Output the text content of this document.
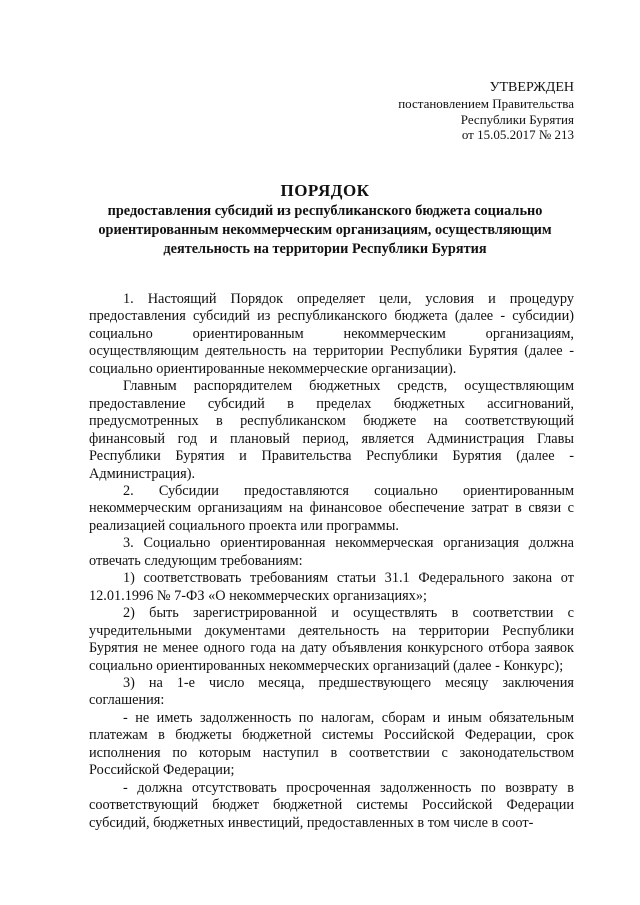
УТВЕРЖДЕН
постановлением Правительства
Республики Бурятия
от 15.05.2017 № 213
ПОРЯДОК
предоставления субсидий из республиканского бюджета социально ориентированным некоммерческим организациям, осуществляющим деятельность на территории Республики Бурятия

1. Настоящий Порядок определяет цели, условия и процедуру предоставления субсидий из республиканского бюджета (далее - субсидии) социально ориентированным некоммерческим организациям, осуществляющим деятельность на территории Республики Бурятия (далее - социально ориентированные некоммерческие организации).

Главным распорядителем бюджетных средств, осуществляющим предоставление субсидий в пределах бюджетных ассигнований, предусмотренных в республиканском бюджете на соответствующий финансовый год и плановый период, является Администрация Главы Республики Бурятия и Правительства Республики Бурятия (далее - Администрация).

2. Субсидии предоставляются социально ориентированным некоммерческим организациям на финансовое обеспечение затрат в связи с реализацией социального проекта или программы.

3. Социально ориентированная некоммерческая организация должна отвечать следующим требованиям:

1) соответствовать требованиям статьи 31.1 Федерального закона от 12.01.1996 № 7-ФЗ «О некоммерческих организациях»;

2) быть зарегистрированной и осуществлять в соответствии с учредительными документами деятельность на территории Республики Бурятия не менее одного года на дату объявления конкурсного отбора заявок социально ориентированных некоммерческих организаций (далее - Конкурс);

3) на 1-е число месяца, предшествующего месяцу заключения соглашения:

- не иметь задолженность по налогам, сборам и иным обязательным платежам в бюджеты бюджетной системы Российской Федерации, срок исполнения по которым наступил в соответствии с законодательством Российской Федерации;

- должна отсутствовать просроченная задолженность по возврату в соответствующий бюджет бюджетной системы Российской Федерации субсидий, бюджетных инвестиций, предоставленных в том числе в соот-
